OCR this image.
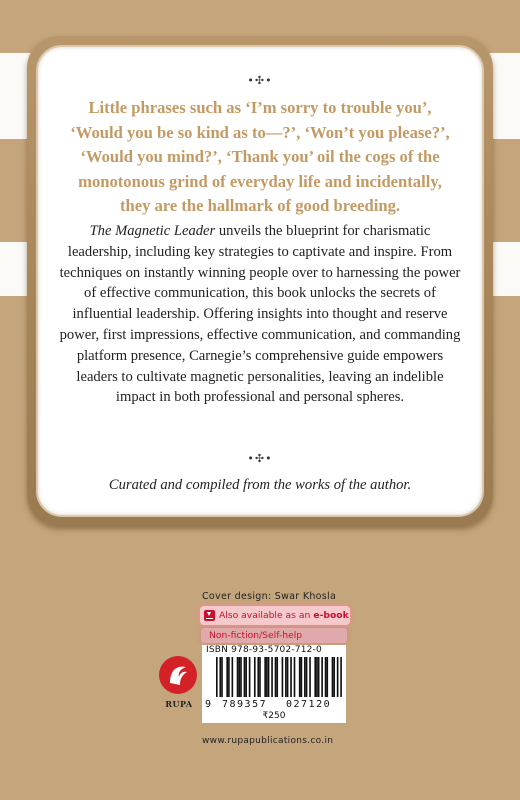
•✣•
Little phrases such as ‘I’m sorry to trouble you’, ‘Would you be so kind as to—?’, ‘Won’t you please?’, ‘Would you mind?’, ‘Thank you’ oil the cogs of the monotonous grind of everyday life and incidentally, they are the hallmark of good breeding.
The Magnetic Leader unveils the blueprint for charismatic leadership, including key strategies to captivate and inspire. From techniques on instantly winning people over to harnessing the power of effective communication, this book unlocks the secrets of influential leadership. Offering insights into thought and reserve power, first impressions, effective communication, and commanding platform presence, Carnegie’s comprehensive guide empowers leaders to cultivate magnetic personalities, leaving an indelible impact in both professional and personal spheres.
•✣•
Curated and compiled from the works of the author.
Cover design: Swar Khosla
Also available as an e-book
Non-fiction/Self-help
ISBN 978-93-5702-712-0
9 789357 027120
₹250
RUPA
www.rupapublications.co.in
